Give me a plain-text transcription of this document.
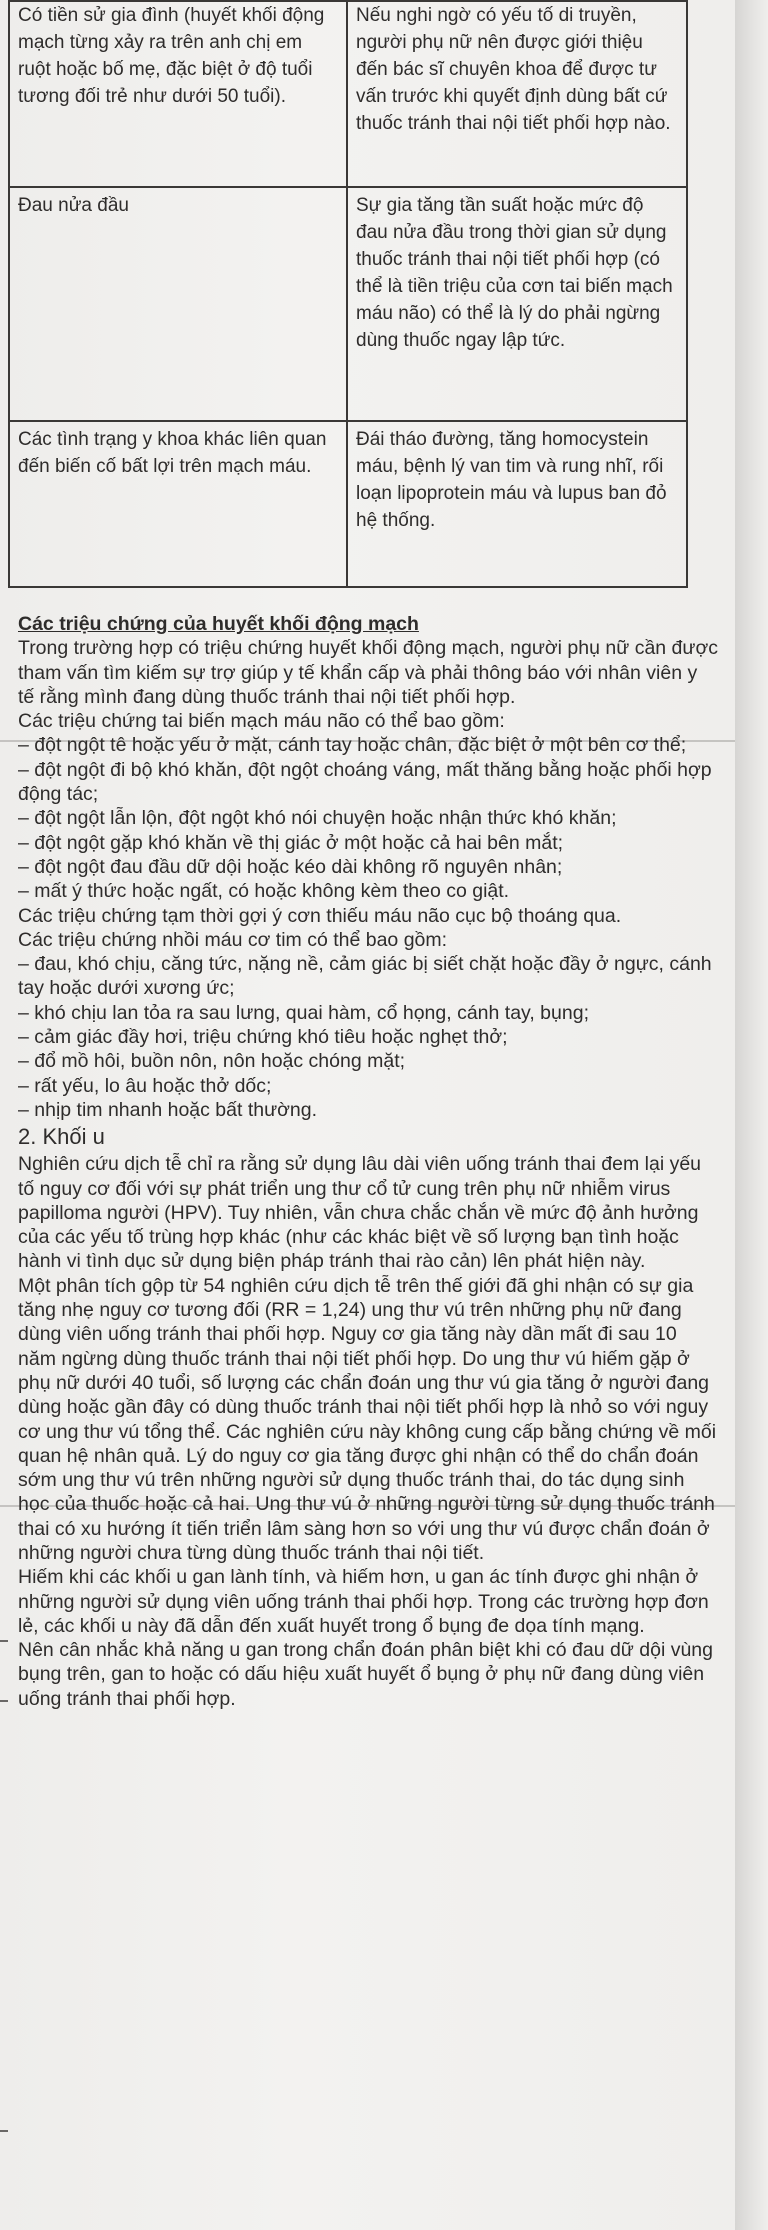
Có tiền sử gia đình (huyết khối động mạch từng xảy ra trên anh chị em ruột hoặc bố mẹ, đặc biệt ở độ tuổi tương đối trẻ như dưới 50 tuổi).	Nếu nghi ngờ có yếu tố di truyền, người phụ nữ nên được giới thiệu đến bác sĩ chuyên khoa để được tư vấn trước khi quyết định dùng bất cứ thuốc tránh thai nội tiết phối hợp nào.
Đau nửa đầu	Sự gia tăng tần suất hoặc mức độ đau nửa đầu trong thời gian sử dụng thuốc tránh thai nội tiết phối hợp (có thể là tiền triệu của cơn tai biến mạch máu não) có thể là lý do phải ngừng dùng thuốc ngay lập tức.
Các tình trạng y khoa khác liên quan đến biến cố bất lợi trên mạch máu.	Đái tháo đường, tăng homocystein máu, bệnh lý van tim và rung nhĩ, rối loạn lipoprotein máu và lupus ban đỏ hệ thống.

Các triệu chứng của huyết khối động mạch

Trong trường hợp có triệu chứng huyết khối động mạch, người phụ nữ cần được tham vấn tìm kiếm sự trợ giúp y tế khẩn cấp và phải thông báo với nhân viên y tế rằng mình đang dùng thuốc tránh thai nội tiết phối hợp.

Các triệu chứng tai biến mạch máu não có thể bao gồm:

– đột ngột tê hoặc yếu ở mặt, cánh tay hoặc chân, đặc biệt ở một bên cơ thể;

– đột ngột đi bộ khó khăn, đột ngột choáng váng, mất thăng bằng hoặc phối hợp động tác;

– đột ngột lẫn lộn, đột ngột khó nói chuyện hoặc nhận thức khó khăn;

– đột ngột gặp khó khăn về thị giác ở một hoặc cả hai bên mắt;

– đột ngột đau đầu dữ dội hoặc kéo dài không rõ nguyên nhân;

– mất ý thức hoặc ngất, có hoặc không kèm theo co giật.

Các triệu chứng tạm thời gợi ý cơn thiếu máu não cục bộ thoáng qua.

Các triệu chứng nhồi máu cơ tim có thể bao gồm:

– đau, khó chịu, căng tức, nặng nề, cảm giác bị siết chặt hoặc đầy ở ngực, cánh tay hoặc dưới xương ức;

– khó chịu lan tỏa ra sau lưng, quai hàm, cổ họng, cánh tay, bụng;

– cảm giác đầy hơi, triệu chứng khó tiêu hoặc nghẹt thở;

– đổ mồ hôi, buồn nôn, nôn hoặc chóng mặt;

– rất yếu, lo âu hoặc thở dốc;

– nhịp tim nhanh hoặc bất thường.

2. Khối u

Nghiên cứu dịch tễ chỉ ra rằng sử dụng lâu dài viên uống tránh thai đem lại yếu tố nguy cơ đối với sự phát triển ung thư cổ tử cung trên phụ nữ nhiễm virus papilloma người (HPV). Tuy nhiên, vẫn chưa chắc chắn về mức độ ảnh hưởng của các yếu tố trùng hợp khác (như các khác biệt về số lượng bạn tình hoặc hành vi tình dục sử dụng biện pháp tránh thai rào cản) lên phát hiện này.

Một phân tích gộp từ 54 nghiên cứu dịch tễ trên thế giới đã ghi nhận có sự gia tăng nhẹ nguy cơ tương đối (RR = 1,24) ung thư vú trên những phụ nữ đang dùng viên uống tránh thai phối hợp. Nguy cơ gia tăng này dần mất đi sau 10 năm ngừng dùng thuốc tránh thai nội tiết phối hợp. Do ung thư vú hiếm gặp ở phụ nữ dưới 40 tuổi, số lượng các chẩn đoán ung thư vú gia tăng ở người đang dùng hoặc gần đây có dùng thuốc tránh thai nội tiết phối hợp là nhỏ so với nguy cơ ung thư vú tổng thể. Các nghiên cứu này không cung cấp bằng chứng về mối quan hệ nhân quả. Lý do nguy cơ gia tăng được ghi nhận có thể do chẩn đoán sớm ung thư vú trên những người sử dụng thuốc tránh thai, do tác dụng sinh học của thuốc hoặc cả hai. Ung thư vú ở những người từng sử dụng thuốc tránh thai có xu hướng ít tiến triển lâm sàng hơn so với ung thư vú được chẩn đoán ở những người chưa từng dùng thuốc tránh thai nội tiết.

Hiếm khi các khối u gan lành tính, và hiếm hơn, u gan ác tính được ghi nhận ở những người sử dụng viên uống tránh thai phối hợp. Trong các trường hợp đơn lẻ, các khối u này đã dẫn đến xuất huyết trong ổ bụng đe dọa tính mạng.

Nên cân nhắc khả năng u gan trong chẩn đoán phân biệt khi có đau dữ dội vùng bụng trên, gan to hoặc có dấu hiệu xuất huyết ổ bụng ở phụ nữ đang dùng viên uống tránh thai phối hợp.
